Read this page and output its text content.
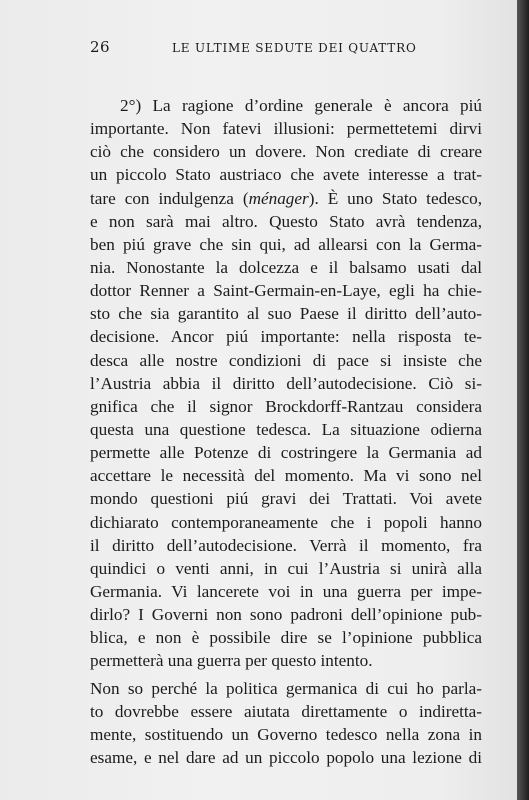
26	LE ULTIME SEDUTE DEI QUATTRO
2°) La ragione d’ordine generale è ancora piú
importante. Non fatevi illusioni: permettetemi dirvi
ciò che considero un dovere. Non crediate di creare
un piccolo Stato austriaco che avete interesse a trat-
tare con indulgenza (ménager). È uno Stato tedesco,
e non sarà mai altro. Questo Stato avrà tendenza,
ben piú grave che sin qui, ad allearsi con la Germa-
nia. Nonostante la dolcezza e il balsamo usati dal
dottor Renner a Saint-Germain-en-Laye, egli ha chie-
sto che sia garantito al suo Paese il diritto dell’auto-
decisione. Ancor piú importante: nella risposta te-
desca alle nostre condizioni di pace si insiste che
l’Austria abbia il diritto dell’autodecisione. Ciò si-
gnifica che il signor Brockdorff-Rantzau considera
questa una questione tedesca. La situazione odierna
permette alle Potenze di costringere la Germania ad
accettare le necessità del momento. Ma vi sono nel
mondo questioni piú gravi dei Trattati. Voi avete
dichiarato contemporaneamente che i popoli hanno
il diritto dell’autodecisione. Verrà il momento, fra
quindici o venti anni, in cui l’Austria si unirà alla
Germania. Vi lancerete voi in una guerra per impe-
dirlo? I Governi non sono padroni dell’opinione pub-
blica, e non è possibile dire se l’opinione pubblica
permetterà una guerra per questo intento.
Non so perché la politica germanica di cui ho parla-
to dovrebbe essere aiutata direttamente o indiretta-
mente, sostituendo un Governo tedesco nella zona in
esame, e nel dare ad un piccolo popolo una lezione di
